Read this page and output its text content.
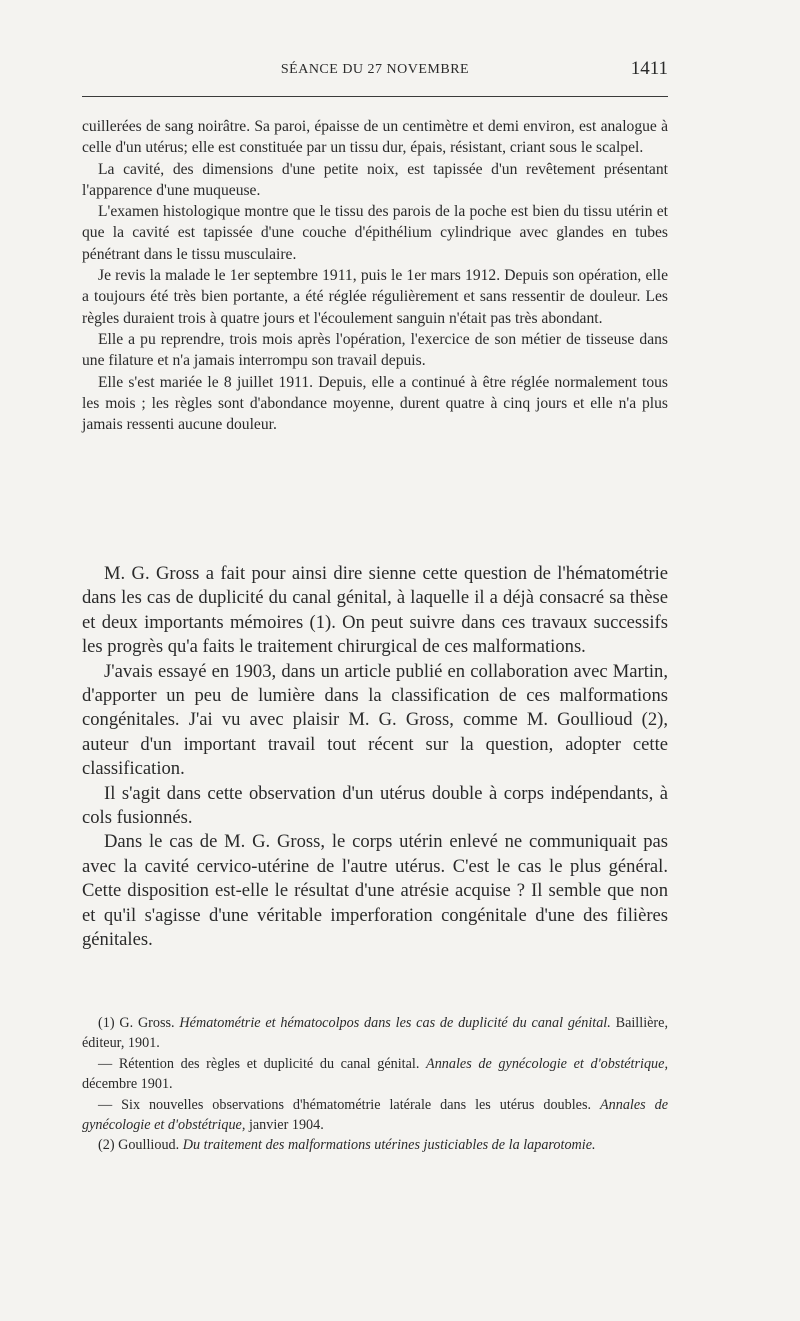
SÉANCE DU 27 NOVEMBRE	1411

cuillerées de sang noirâtre. Sa paroi, épaisse de un centimètre et demi environ, est analogue à celle d'un utérus; elle est constituée par un tissu dur, épais, résistant, criant sous le scalpel.

La cavité, des dimensions d'une petite noix, est tapissée d'un revêtement présentant l'apparence d'une muqueuse.

L'examen histologique montre que le tissu des parois de la poche est bien du tissu utérin et que la cavité est tapissée d'une couche d'épithélium cylindrique avec glandes en tubes pénétrant dans le tissu musculaire.

Je revis la malade le 1er septembre 1911, puis le 1er mars 1912. Depuis son opération, elle a toujours été très bien portante, a été réglée régulièrement et sans ressentir de douleur. Les règles duraient trois à quatre jours et l'écoulement sanguin n'était pas très abondant.

Elle a pu reprendre, trois mois après l'opération, l'exercice de son métier de tisseuse dans une filature et n'a jamais interrompu son travail depuis.

Elle s'est mariée le 8 juillet 1911. Depuis, elle a continué à être réglée normalement tous les mois ; les règles sont d'abondance moyenne, durent quatre à cinq jours et elle n'a plus jamais ressenti aucune douleur.

M. G. Gross a fait pour ainsi dire sienne cette question de l'hématométrie dans les cas de duplicité du canal génital, à laquelle il a déjà consacré sa thèse et deux importants mémoires (1). On peut suivre dans ces travaux successifs les progrès qu'a faits le traitement chirurgical de ces malformations.

J'avais essayé en 1903, dans un article publié en collaboration avec Martin, d'apporter un peu de lumière dans la classification de ces malformations congénitales. J'ai vu avec plaisir M. G. Gross, comme M. Goullioud (2), auteur d'un important travail tout récent sur la question, adopter cette classification.

Il s'agit dans cette observation d'un utérus double à corps indépendants, à cols fusionnés.

Dans le cas de M. G. Gross, le corps utérin enlevé ne communiquait pas avec la cavité cervico-utérine de l'autre utérus. C'est le cas le plus général. Cette disposition est-elle le résultat d'une atrésie acquise ? Il semble que non et qu'il s'agisse d'une véritable imperforation congénitale d'une des filières génitales.

(1) G. Gross. Hématométrie et hématocolpos dans les cas de duplicité du canal génital. Baillière, éditeur, 1901.

— Rétention des règles et duplicité du canal génital. Annales de gynécologie et d'obstétrique, décembre 1901.

— Six nouvelles observations d'hématométrie latérale dans les utérus doubles. Annales de gynécologie et d'obstétrique, janvier 1904.

(2) Goullioud. Du traitement des malformations utérines justiciables de la laparotomie.
